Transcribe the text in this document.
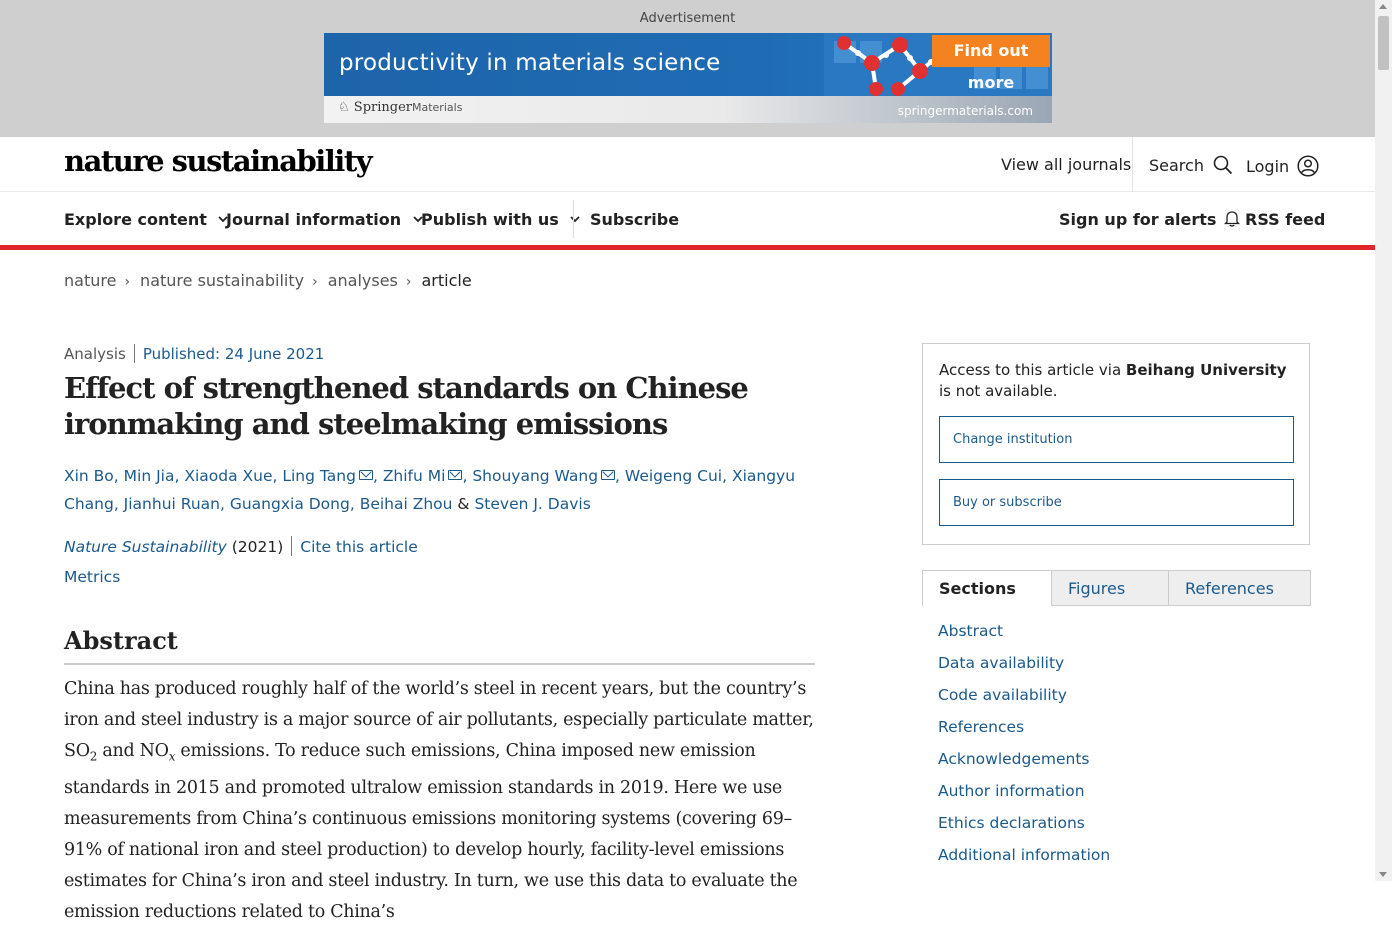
Advertisement
productivity in materials science	Find out more
♘ SpringerMaterials	springermaterials.com
nature sustainability	View all journals Search	Login
Explore content	Journal information	Publish with us	Subscribe	Sign up for alerts	RSS feed
nature › nature sustainability › analyses › article
Analysis Published: 24 June 2021
Effect of strengthened standards on Chinese ironmaking and steelmaking emissions
Xin Bo, Min Jia, Xiaoda Xue, Ling Tang , Zhifu Mi , Shouyang Wang , Weigeng Cui, Xiangyu Chang, Jianhui Ruan, Guangxia Dong, Beihai Zhou & Steven J. Davis
Nature Sustainability (2021) Cite this article
Metrics
Abstract

China has produced roughly half of the world’s steel in recent years, but the country’s iron and steel industry is a major source of air pollutants, especially particulate matter, $SO_2$ and $NO_x$ emissions. To reduce such emissions, China imposed new emission standards in 2015 and promoted ultralow emission standards in 2019. Here we use measurements from China’s continuous emissions monitoring systems (covering 69–91% of national iron and steel production) to develop hourly, facility-level emissions estimates for China’s iron and steel industry. In turn, we use this data to evaluate the emission reductions related to China’s

Access to this article via Beihang University is not available.
Change institution
Buy or subscribe
Sections	Figures	References
Abstract
Data availability
Code availability
References
Acknowledgements
Author information
Ethics declarations
Additional information
